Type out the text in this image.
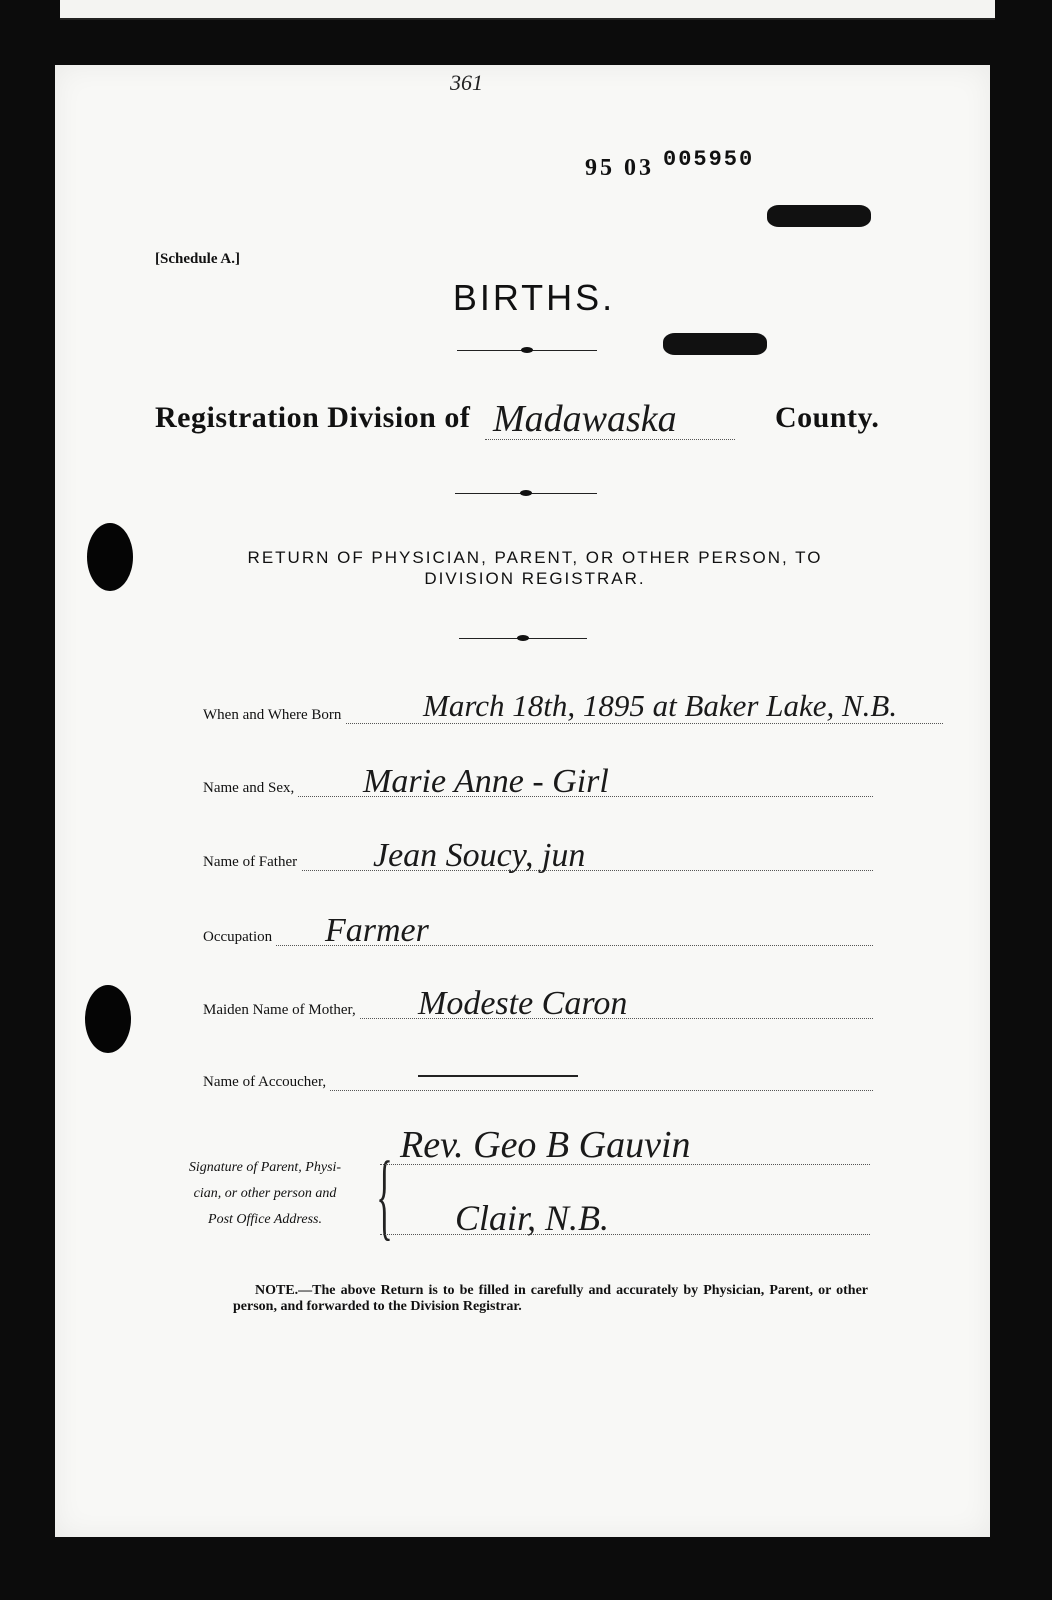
361
95 03 005950
[Schedule A.]
BIRTHS.
Registration Division of Madawaska	County.
RETURN OF PHYSICIAN, PARENT, OR OTHER PERSON, TO
DIVISION REGISTRAR.
When and Where Born	March 18th, 1895 at Baker Lake, N.B.
Name and Sex, Marie Anne - Girl
Name of Father Jean Soucy, jun
Occupation Farmer
Maiden Name of Mother, Modeste Caron
Name of Accoucher,
Signature of Parent, Physi-
cian, or other person and
Post Office Address. { Rev. Geo B Gauvin
Clair, N.B.
NOTE.—The above Return is to be filled in carefully and accurately by Physician, Parent, or other person, and forwarded to the Division Registrar.
